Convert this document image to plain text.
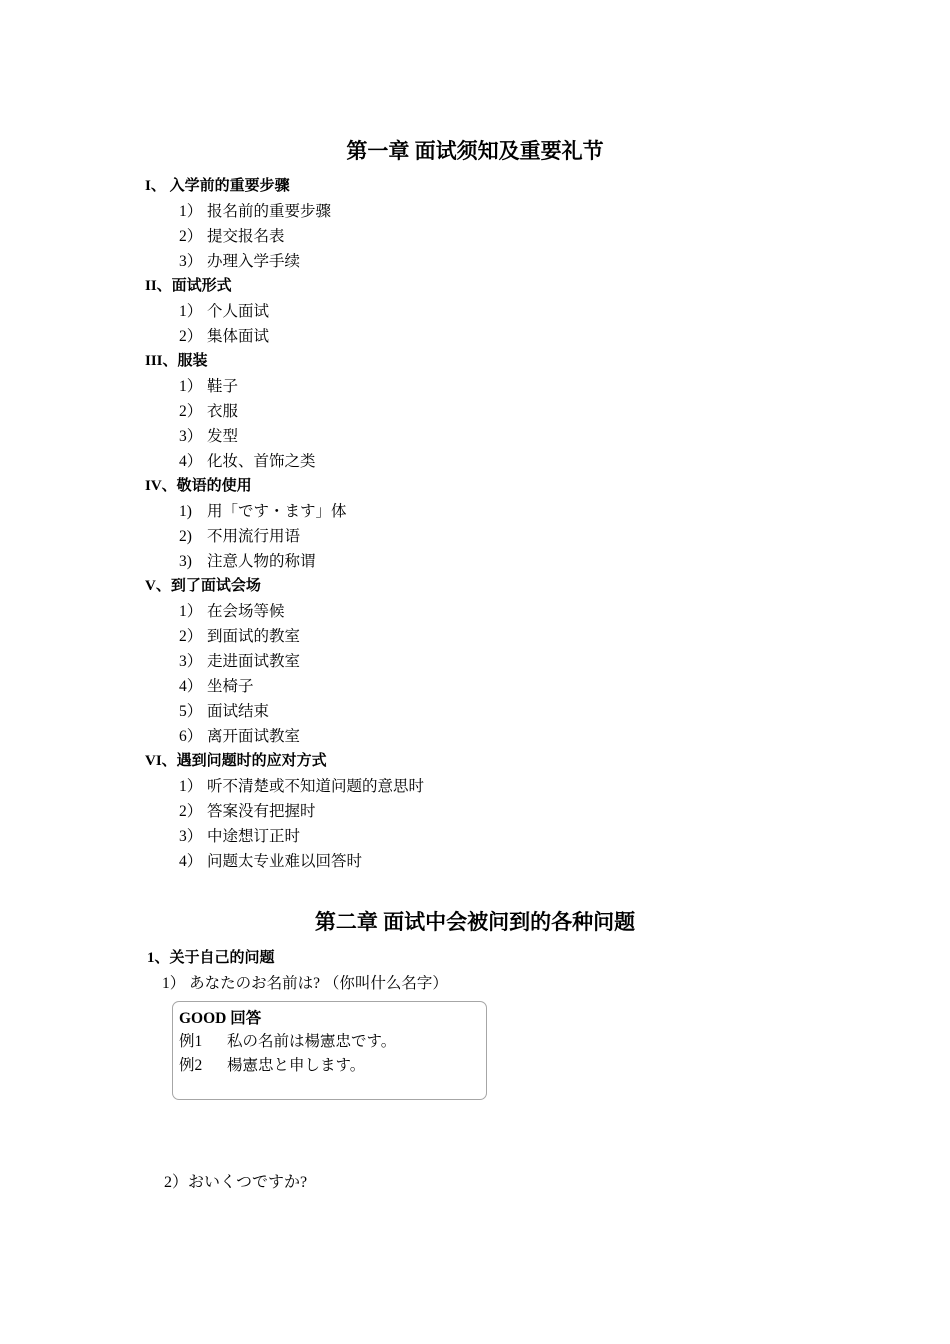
第一章 面试须知及重要礼节
I、 入学前的重要步骤
1） 报名前的重要步骤
2） 提交报名表
3） 办理入学手续
II、面试形式
1） 个人面试
2） 集体面试
III、服装
1） 鞋子
2） 衣服
3） 发型
4） 化妆、首饰之类
IV、敬语的使用
1) 用「です・ます」体
2) 不用流行用语
3) 注意人物的称谓
V、到了面试会场
1） 在会场等候
2） 到面试的教室
3） 走进面试教室
4） 坐椅子
5） 面试结束
6） 离开面试教室
VI、遇到问题时的应对方式
1） 听不清楚或不知道问题的意思时
2） 答案没有把握时
3） 中途想订正时
4） 问题太专业难以回答时
第二章 面试中会被问到的各种问题
1、关于自己的问题
1） あなたのお名前は? （你叫什么名字）
GOOD 回答
例1 私の名前は楊憲忠です。
例2 楊憲忠と申します。
2）おいくつですか?
